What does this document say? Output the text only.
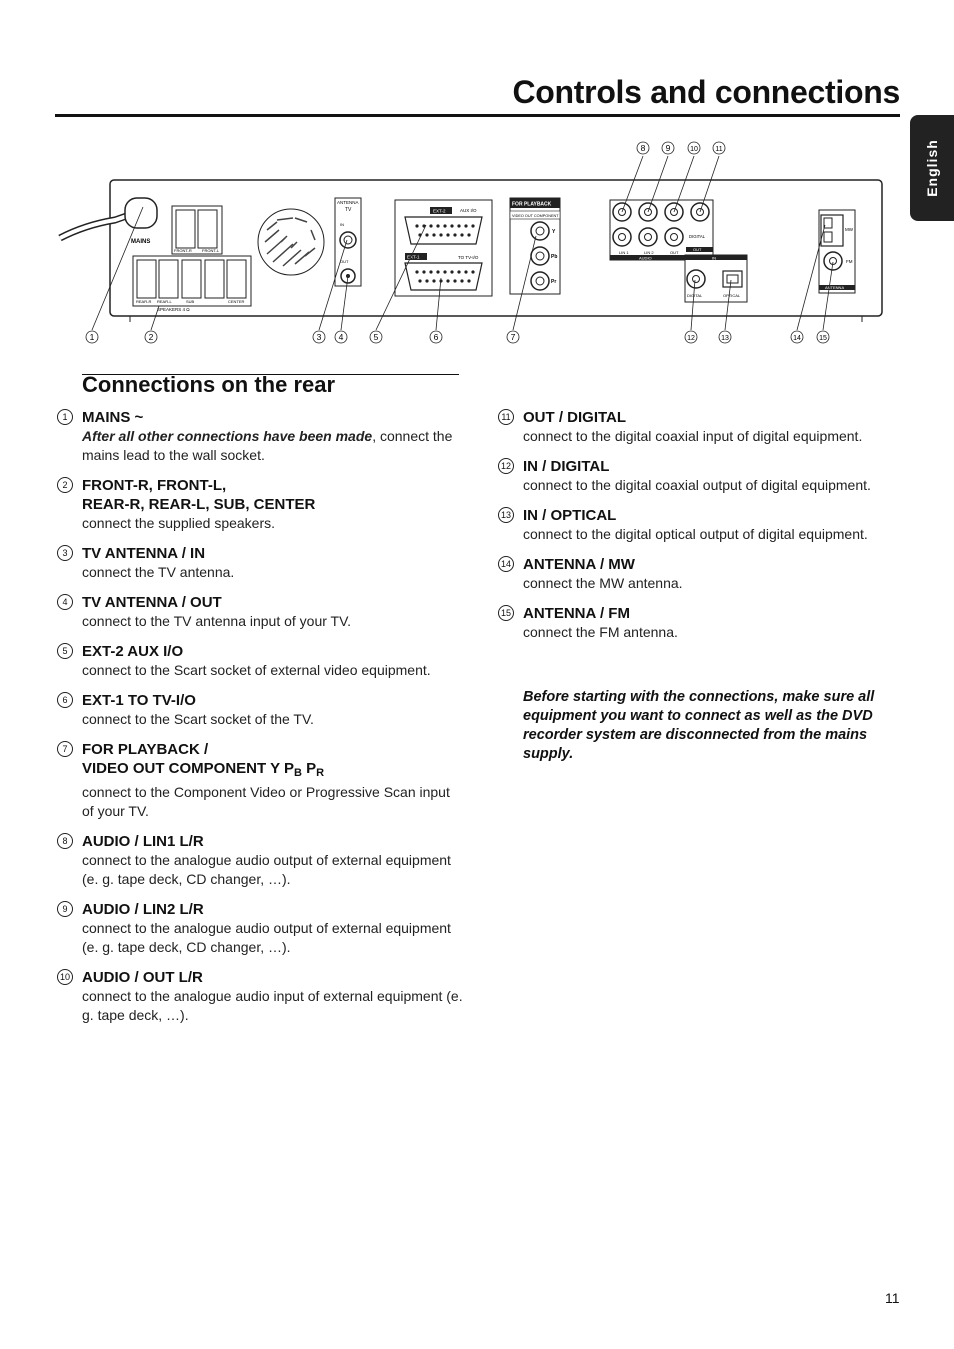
Controls and connections
English
MAINS
FRONT-R	FRONT-L
REAR-R REAR-L	SUB	CENTER
SPEAKERS 4 Ω
ANTENNA
TV
IN
OUT
EXT-2	AUX I/O
EXT-1	TO TV-I/O
FOR PLAYBACK
VIDEO OUT COMPONENT
Y
Pb
Pr
DIGITAL
OUT
LIN 1	LIN 2	OUT
AUDIO	IN
DIGITAL	OPTICAL
MW
FM
ANTENNA
8 9	10 11
1	2	3 4	5	6	7	12	13	14	15
Connections on the rear
1 MAINS ~
After all other connections have been made, connect the mains lead to the wall socket.
2 FRONT-R, FRONT-L,
REAR-R, REAR-L, SUB, CENTER
connect the supplied speakers.
3 TV ANTENNA / IN
connect the TV antenna.
4 TV ANTENNA / OUT
connect to the TV antenna input of your TV.
5 EXT-2 AUX I/O
connect to the Scart socket of external video equipment.
6 EXT-1 TO TV-I/O
connect to the Scart socket of the TV.
7 FOR PLAYBACK /
VIDEO OUT COMPONENT Y $P_B$ $P_R$
connect to the Component Video or Progressive Scan input of your TV.
8 AUDIO / LIN1 L/R
connect to the analogue audio output of external equipment (e. g. tape deck, CD changer, …).
9 AUDIO / LIN2 L/R
connect to the analogue audio output of external equipment (e. g. tape deck, CD changer, …).
10 AUDIO / OUT L/R
connect to the analogue audio input of external equipment (e. g. tape deck, …).
11 OUT / DIGITAL
connect to the digital coaxial input of digital equipment.
12 IN / DIGITAL
connect to the digital coaxial output of digital equipment.
13 IN / OPTICAL
connect to the digital optical output of digital equipment.
14 ANTENNA / MW
connect the MW antenna.
15 ANTENNA / FM
connect the FM antenna.
Before starting with the connections, make sure all equipment you want to connect as well as the DVD recorder system are disconnected from the mains supply.
11
